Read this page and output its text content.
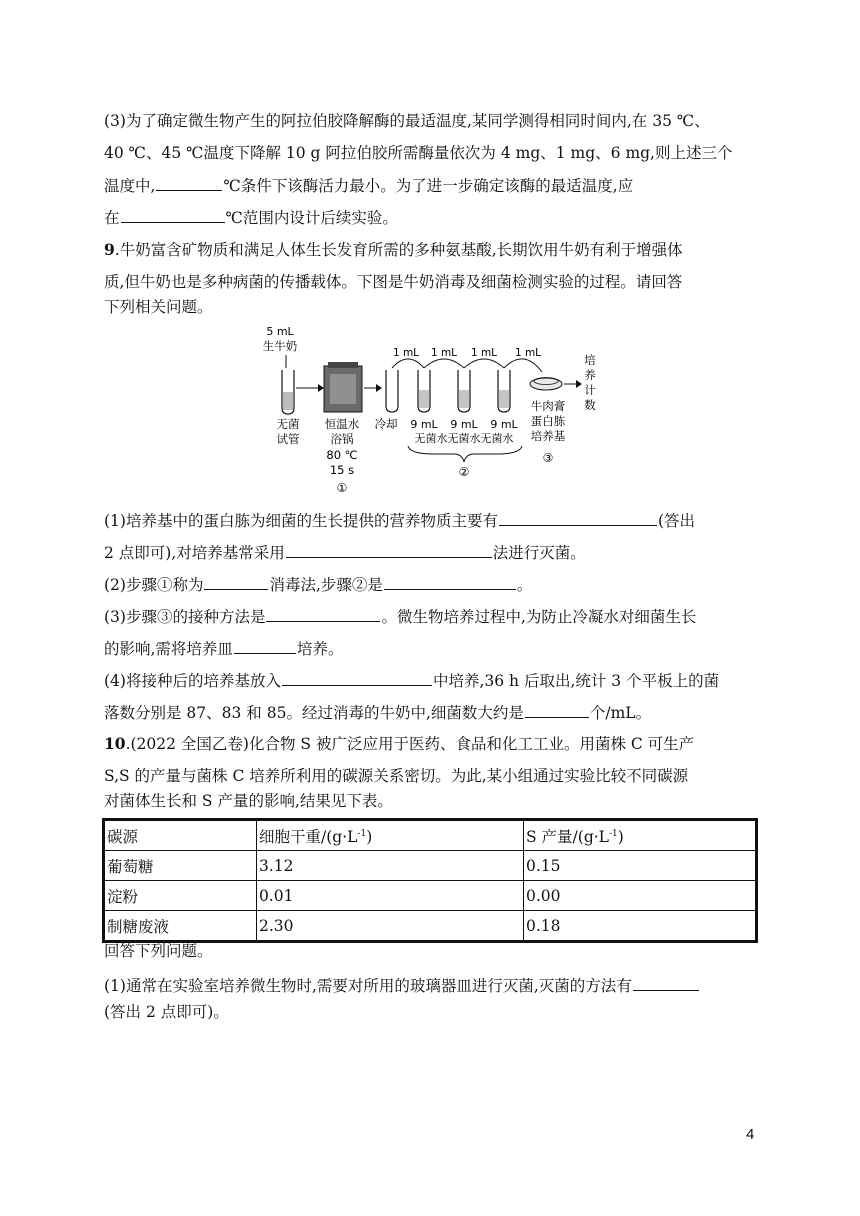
(3)为了确定微生物产生的阿拉伯胶降解酶的最适温度,某同学测得相同时间内,在 35 ℃、
40 ℃、45 ℃温度下降解 10 g 阿拉伯胶所需酶量依次为 4 mg、1 mg、6 mg,则上述三个
温度中,	℃条件下该酶活力最小。为了进一步确定该酶的最适温度,应
在	℃范围内设计后续实验。
9.牛奶富含矿物质和满足人体生长发育所需的多种氨基酸,长期饮用牛奶有利于增强体
质,但牛奶也是多种病菌的传播载体。下图是牛奶消毒及细菌检测实验的过程。请回答
下列相关问题。
5 mL
生牛奶
无菌
试管
恒温水
浴锅
80 ℃
15 s
①
冷却
1 mL 1 mL 1 mL 1 mL
9 mL 9 mL 9 mL
无菌水无菌水无菌水
②
牛肉膏
蛋白胨
培养基
③
培
养
计
数
(1)培养基中的蛋白胨为细菌的生长提供的营养物质主要有	(答出
2 点即可),对培养基常采用	法进行灭菌。
(2)步骤①称为	消毒法,步骤②是	。
(3)步骤③的接种方法是	。微生物培养过程中,为防止冷凝水对细菌生长
的影响,需将培养皿	培养。
(4)将接种后的培养基放入	中培养,36 h 后取出,统计 3 个平板上的菌
落数分别是 87、83 和 85。经过消毒的牛奶中,细菌数大约是	个/mL。
10.(2022 全国乙卷)化合物 S 被广泛应用于医药、食品和化工工业。用菌株 C 可生产
S,S 的产量与菌株 C 培养所利用的碳源关系密切。为此,某小组通过实验比较不同碳源
对菌体生长和 S 产量的影响,结果见下表。
碳源	细胞干重$/(g\cdot L^{-1})$	S 产量$/(g\cdot L^{-1})$
葡萄糖	3.12	0.15
淀粉	0.01	0.00
制糖废液	2.30	0.18
回答下列问题。
(1)通常在实验室培养微生物时,需要对所用的玻璃器皿进行灭菌,灭菌的方法有
(答出 2 点即可)。
4
